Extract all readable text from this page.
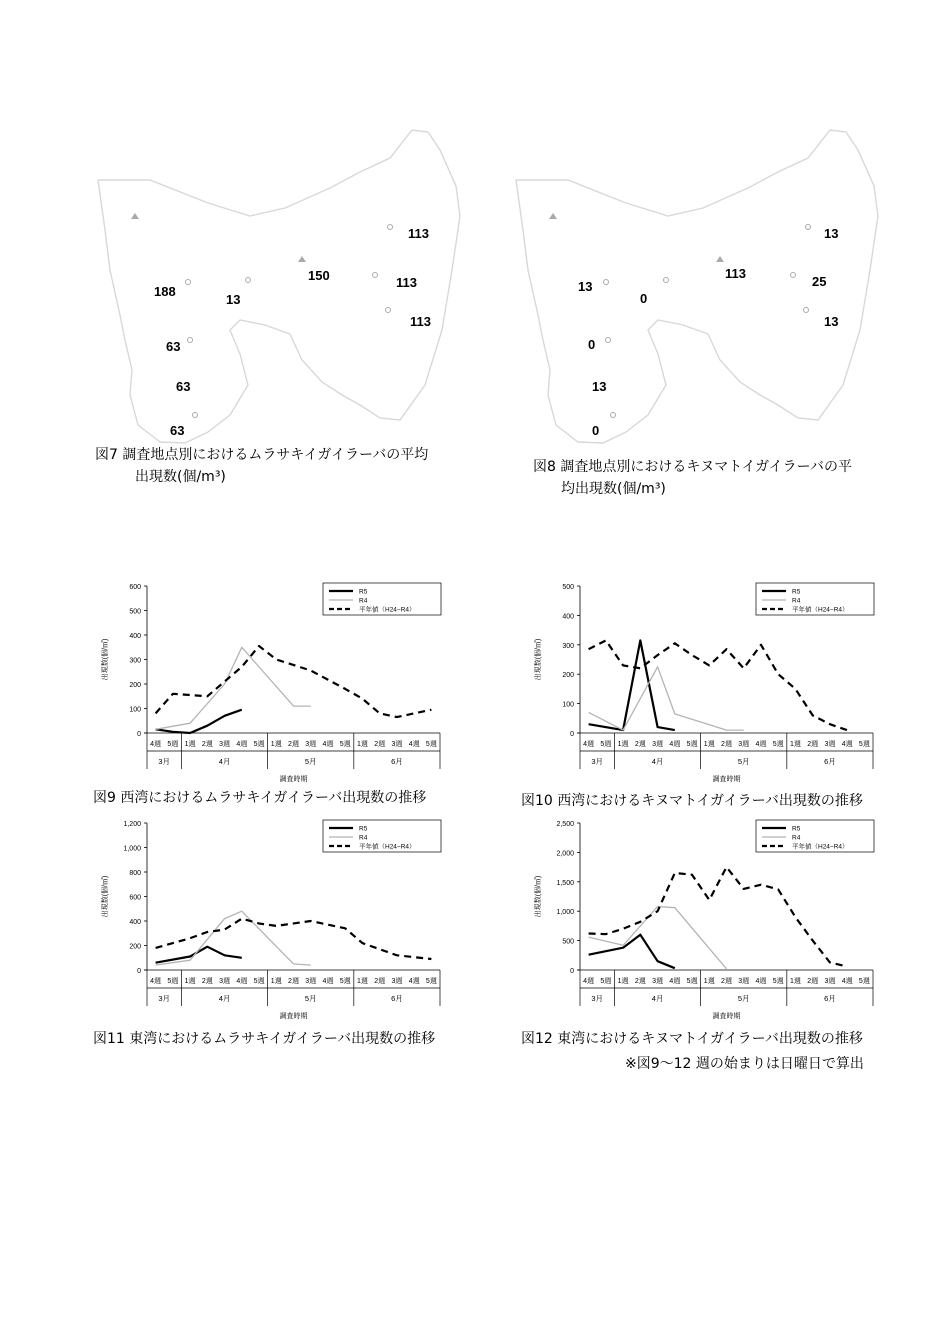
113
150	113
188
13
113
63
63
63
図7 調査地点別におけるムラサキイガイラーバの平均
出現数(個/m³)
13
113
25
13
0
13
0
13
0
図8 調査地点別におけるキヌマトイガイラーバの平
均出現数(個/m³)
0
100
200
300
400
500
600
4週 5週 1週 2週 3週 4週 5週 1週 2週 3週 4週 5週 1週 2週 3週 4週 5週
3月	4月	5月	6月
調査時期
出現数(個/㎥)
R5
R4
平年値（H24−R4）
図9 西湾におけるムラサキイガイラーバ出現数の推移
0
100
200
300
400
500
4週 5週 1週 2週 3週 4週 5週 1週 2週 3週 4週 5週 1週 2週 3週 4週 5週
3月	4月	5月	6月
調査時期
出現数(個/㎥)
R5
R4
平年値（H24−R4）
図10 西湾におけるキヌマトイガイラーバ出現数の推移
0
200
400
600
800
1,000
1,200
4週 5週 1週 2週 3週 4週 5週 1週 2週 3週 4週 5週 1週 2週 3週 4週 5週
3月	4月	5月	6月
調査時期
出現数(個/㎥)
R5
R4
平年値（H24−R4）
図11 東湾におけるムラサキイガイラーバ出現数の推移
0
500
1,000
1,500
2,000
2,500
4週 5週 1週 2週 3週 4週 5週 1週 2週 3週 4週 5週 1週 2週 3週 4週 5週
3月	4月	5月	6月
調査時期
出現数(個/㎥)
R5
R4
平年値（H24−R4）
図12 東湾におけるキヌマトイガイラーバ出現数の推移
※図9～12 週の始まりは日曜日で算出
